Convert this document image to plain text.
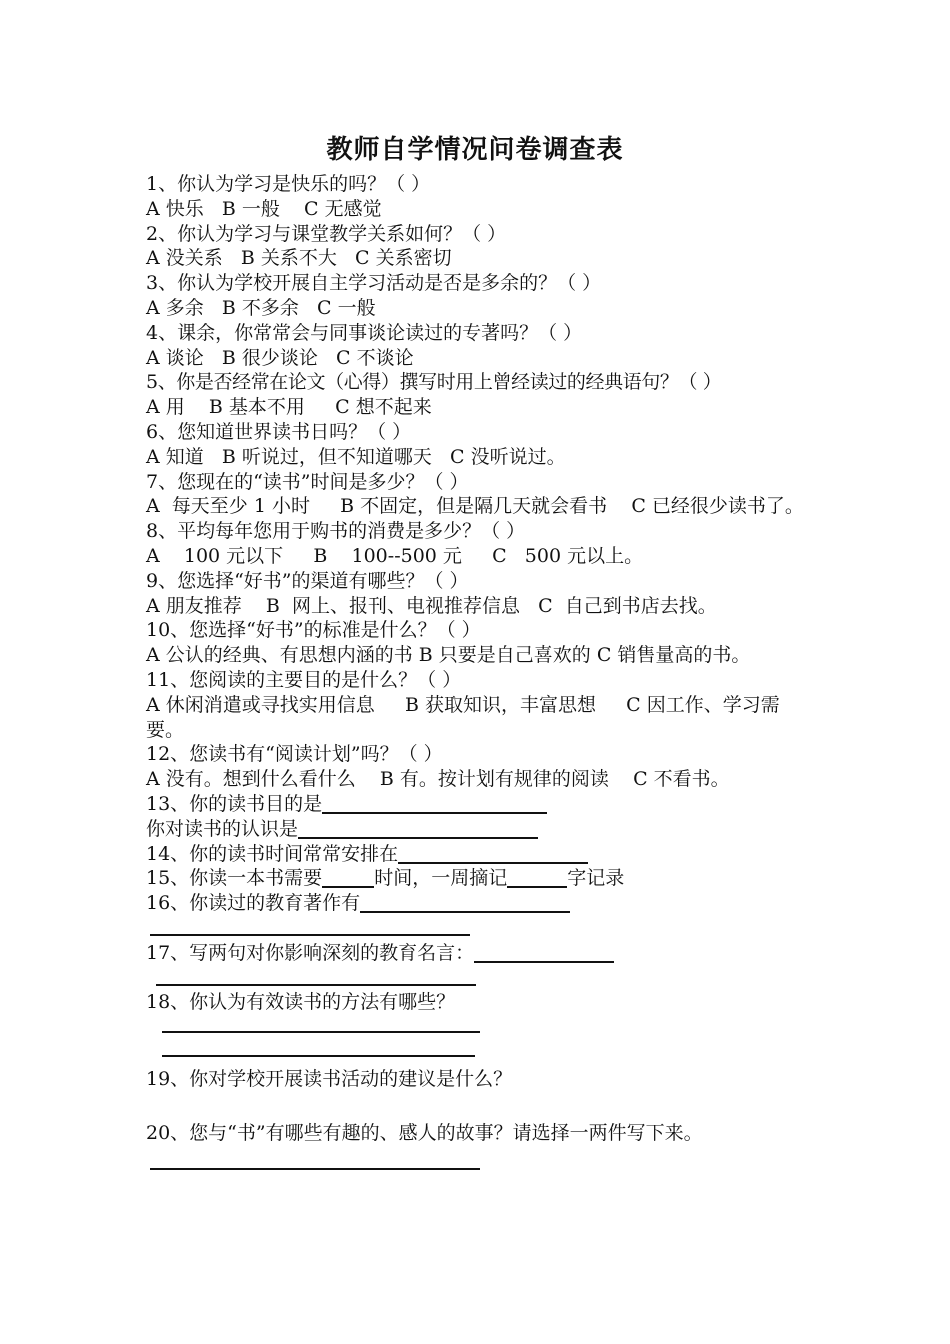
教师自学情况问卷调查表
1、你认为学习是快乐的吗？（ ）
A 快乐   B 一般    C 无感觉
2、你认为学习与课堂教学关系如何？（ ）
A 没关系   B 关系不大   C 关系密切
3、你认为学校开展自主学习活动是否是多余的？（ ）
A 多余   B 不多余   C 一般
4、课余，你常常会与同事谈论读过的专著吗？（ ）
A 谈论   B 很少谈论   C 不谈论
5、你是否经常在论文（心得）撰写时用上曾经读过的经典语句？（ ）
A 用    B 基本不用     C 想不起来
6、您知道世界读书日吗？（ ）
A 知道   B 听说过，但不知道哪天   C 没听说过。
7、您现在的“读书”时间是多少？（ ）
A  每天至少 1 小时     B 不固定，但是隔几天就会看书    C 已经很少读书了。
8、平均每年您用于购书的消费是多少？（ ）
A    100 元以下     B    100--500 元     C   500 元以上。
9、您选择“好书”的渠道有哪些？（ ）
A 朋友推荐    B  网上、报刊、电视推荐信息   C  自己到书店去找。
10、您选择“好书”的标准是什么？（ ）
A 公认的经典、有思想内涵的书 B 只要是自己喜欢的 C 销售量高的书。
11、您阅读的主要目的是什么？（ ）
A 休闲消遣或寻找实用信息     B 获取知识，丰富思想     C 因工作、学习需要。
12、您读书有“阅读计划”吗？（ ）
A 没有。想到什么看什么    B 有。按计划有规律的阅读    C 不看书。
13、你的读书目的是
你对读书的认识是
14、你的读书时间常常安排在
15、你读一本书需要	时间，一周摘记	字记录
16、你读过的教育著作有
17、写两句对你影响深刻的教育名言：
18、你认为有效读书的方法有哪些？
19、你对学校开展读书活动的建议是什么？
20、您与“书”有哪些有趣的、感人的故事？请选择一两件写下来。
